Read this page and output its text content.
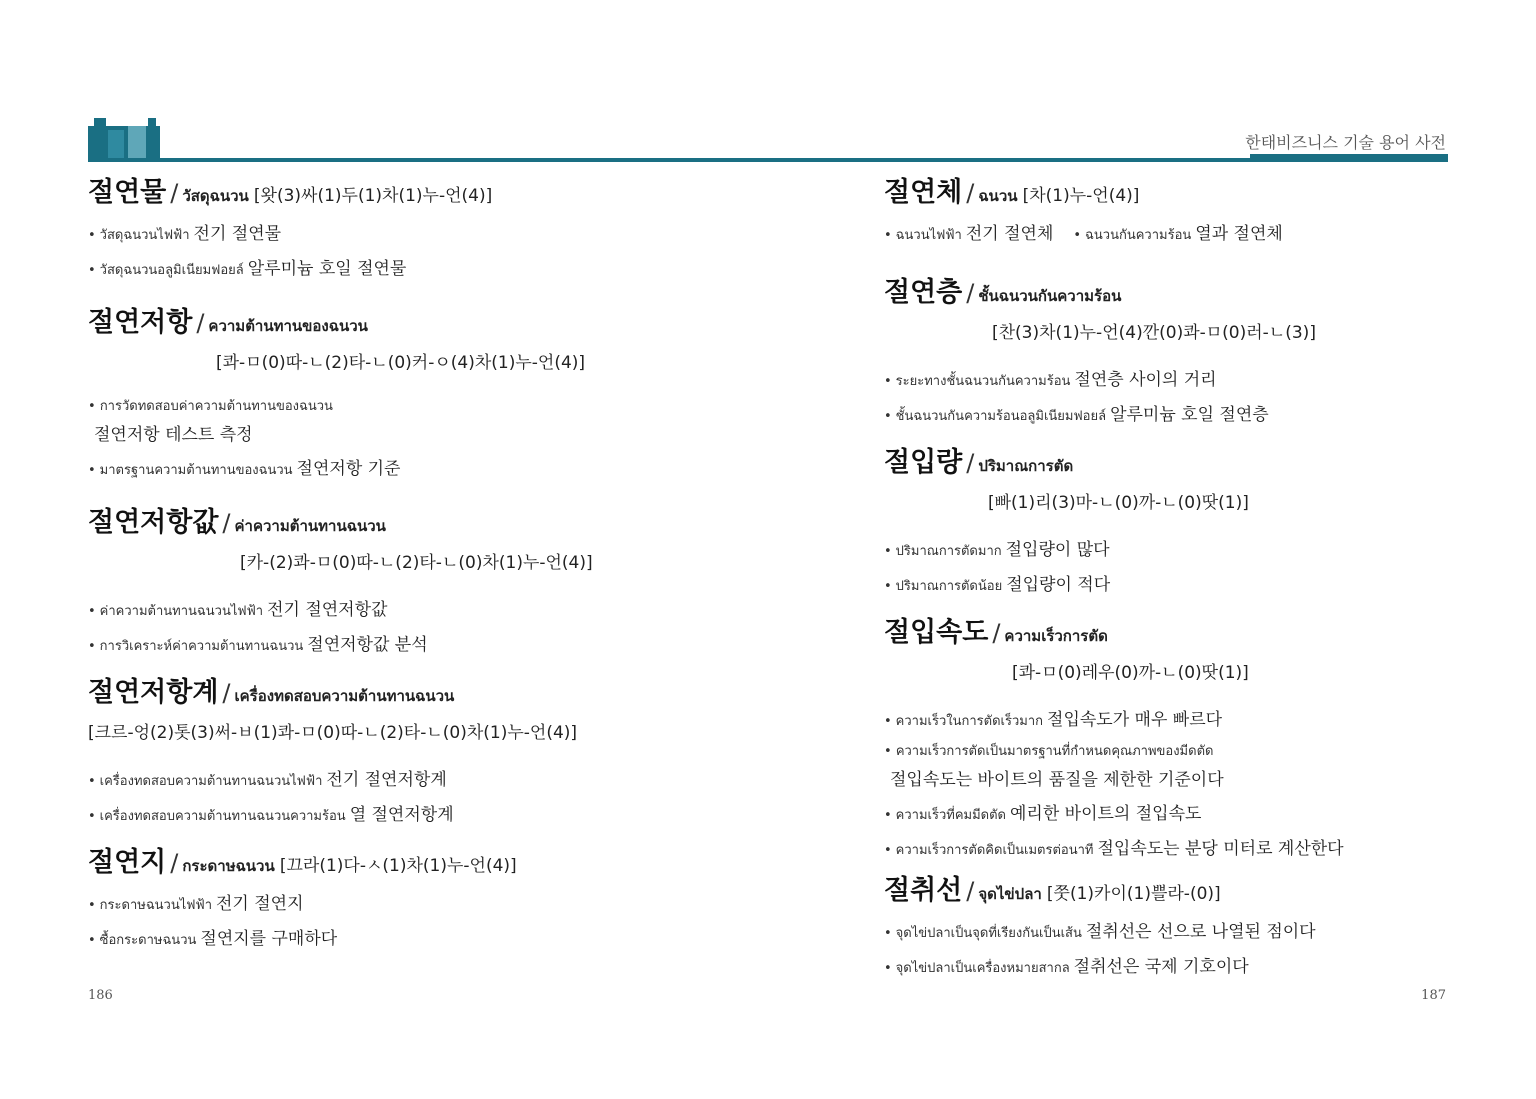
한태비즈니스 기술 용어 사전
절연물 / วัสดุฉนวน [왓(3)싸(1)두(1)차(1)누-언(4)]
• วัสดุฉนวนไฟฟ้า 전기 절연물
• วัสดุฉนวนอลูมิเนียมฟอยล์ 알루미늄 호일 절연물
절연저항 / ความต้านทานของฉนวน
[콰-ㅁ(0)따-ㄴ(2)타-ㄴ(0)커-ㅇ(4)차(1)누-언(4)]
• การวัดทดสอบค่าความต้านทานของฉนวน
절연저항 테스트 측정
• มาตรฐานความต้านทานของฉนวน 절연저항 기준
절연저항값 / ค่าความต้านทานฉนวน
[카-(2)콰-ㅁ(0)따-ㄴ(2)타-ㄴ(0)차(1)누-언(4)]
• ค่าความต้านทานฉนวนไฟฟ้า 전기 절연저항값
• การวิเคราะห์ค่าความต้านทานฉนวน 절연저항값 분석
절연저항계 / เครื่องทดสอบความต้านทานฉนวน
[크르-엉(2)톳(3)써-ㅂ(1)콰-ㅁ(0)따-ㄴ(2)타-ㄴ(0)차(1)누-언(4)]
• เครื่องทดสอบความต้านทานฉนวนไฟฟ้า 전기 절연저항계
• เครื่องทดสอบความต้านทานฉนวนความร้อน 열 절연저항계
절연지 / กระดาษฉนวน [끄라(1)다-ㅅ(1)차(1)누-언(4)]
• กระดาษฉนวนไฟฟ้า 전기 절연지
• ซื้อกระดาษฉนวน 절연지를 구매하다
절연체 / ฉนวน [차(1)누-언(4)]
• ฉนวนไฟฟ้า 전기 절연체 • ฉนวนกันความร้อน 열과 절연체
절연층 / ชั้นฉนวนกันความร้อน
[찬(3)차(1)누-언(4)깐(0)콰-ㅁ(0)러-ㄴ(3)]
• ระยะทางชั้นฉนวนกันความร้อน 절연층 사이의 거리
• ชั้นฉนวนกันความร้อนอลูมิเนียมฟอยล์ 알루미늄 호일 절연층
절입량 / ปริมาณการตัด
[빠(1)리(3)마-ㄴ(0)까-ㄴ(0)땃(1)]
• ปริมาณการตัดมาก 절입량이 많다
• ปริมาณการตัดน้อย 절입량이 적다
절입속도 / ความเร็วการตัด
[콰-ㅁ(0)레우(0)까-ㄴ(0)땃(1)]
• ความเร็วในการตัดเร็วมาก 절입속도가 매우 빠르다
• ความเร็วการตัดเป็นมาตรฐานที่กำหนดคุณภาพของมีดตัด
절입속도는 바이트의 품질을 제한한 기준이다
• ความเร็วที่คมมีดตัด 예리한 바이트의 절입속도
• ความเร็วการตัดคิดเป็นเมตรต่อนาที 절입속도는 분당 미터로 계산한다
절취선 / จุดไข่ปลา [쭛(1)카이(1)쁠라-(0)]
• จุดไข่ปลาเป็นจุดที่เรียงกันเป็นเส้น 절취선은 선으로 나열된 점이다
• จุดไข่ปลาเป็นเครื่องหมายสากล 절취선은 국제 기호이다
186	187
